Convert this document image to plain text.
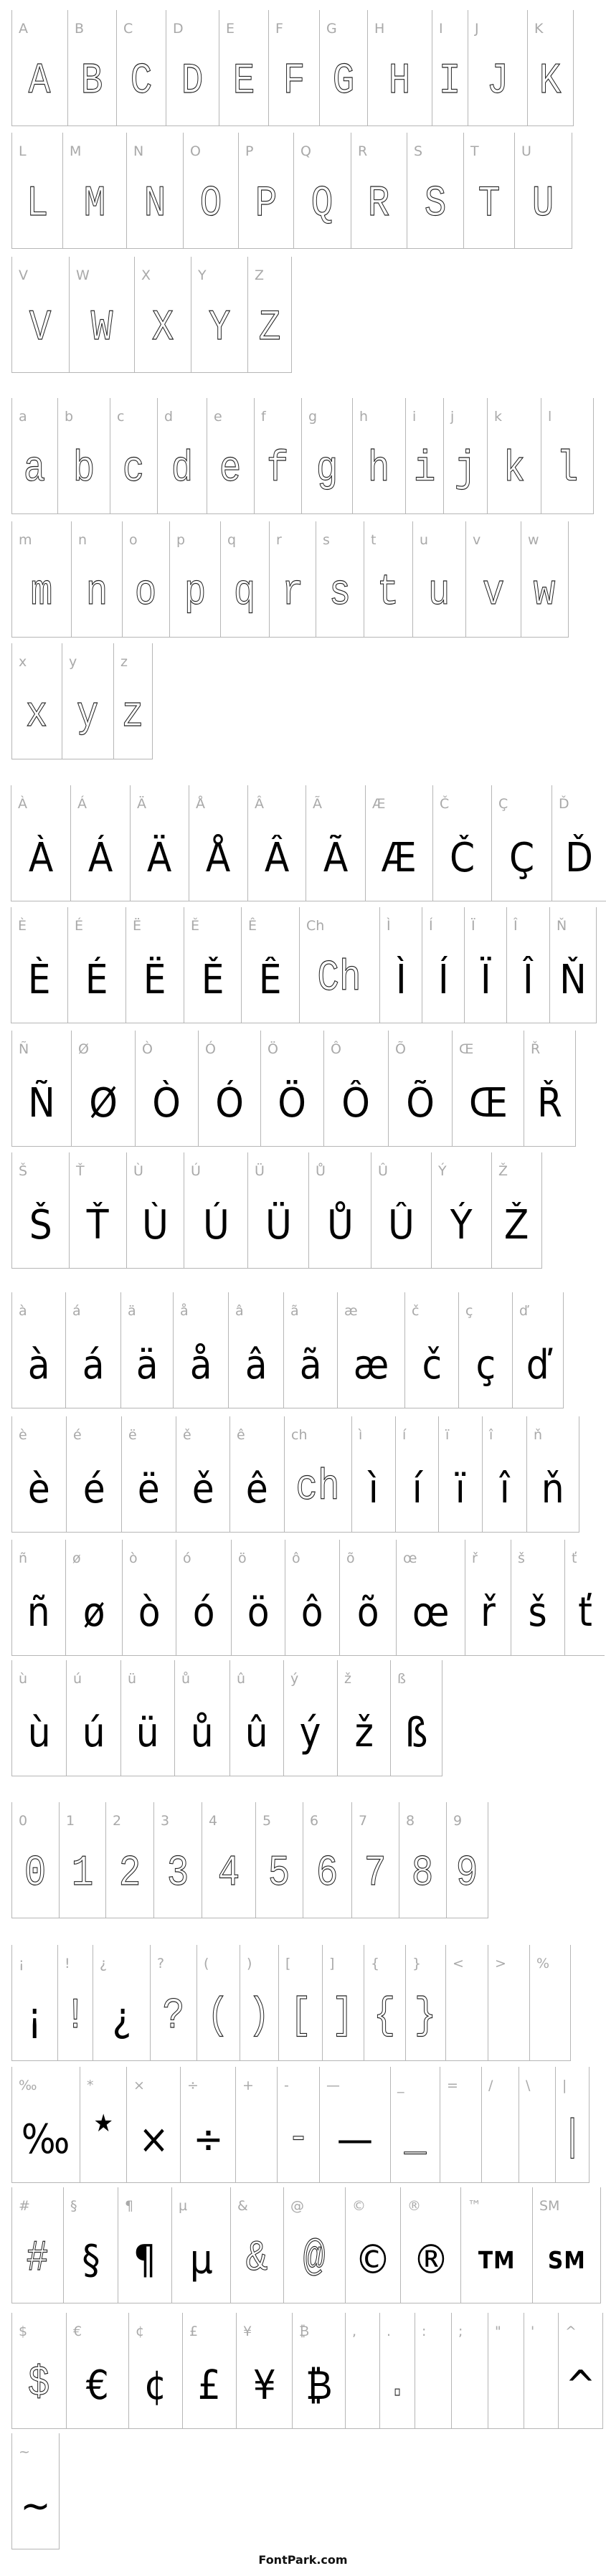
A
A
B
B
C
C
D
D
E
E
F
F
G
G
H
H
I
I
J
J
K
K
L
L
M
M
N
N
O
O
P
P
Q
Q
R
R
S
S
T
T
U
U
V
V
W
W
X
X
Y
Y
Z
Z
a
a
b
b
c
c
d
d
e
e
f
f
g
g
h
h
i
i
j
j
k
k
l
l
m
m
n
n
o
o
p
p
q
q
r
r
s
s
t
t
u
u
v
v
w
w
x
x
y
y
z
z
À
À
Á
Á
Ä
Ä
Å
Å
Â
Â
Ã
Ã
Æ
Æ
Č
Č
Ç
Ç
Ď
Ď
È
È
É
É
Ë
Ë
Ě
Ě
Ê
Ê
Ch
Ch
Ì
Ì
Í
Í
Ï
Ï
Î
Î
Ň
Ň
Ñ
Ñ
Ø
Ø
Ò
Ò
Ó
Ó
Ö
Ö
Ô
Ô
Õ
Õ
Œ
Œ
Ř
Ř
Š
Š
Ť
Ť
Ù
Ù
Ú
Ú
Ü
Ü
Ů
Ů
Û
Û
Ý
Ý
Ž
Ž
à
à
á
á
ä
ä
å
å
â
â
ã
ã
æ
æ
č
č
ç
ç
ď
ď
è
è
é
é
ë
ë
ě
ě
ê
ê
ch
ch
ì
ì
í
í
ï
ï
î
î
ň
ň
ñ
ñ
ø
ø
ò
ò
ó
ó
ö
ö
ô
ô
õ
õ
œ
œ
ř
ř
š
š
ť
ť
ù
ù
ú
ú
ü
ü
ů
ů
û
û
ý
ý
ž
ž
ß
ß
0
0
1
1
2
2
3
3
4
4
5
5
6
6
7
7
8
8
9
9
¡
¡
!
!
¿
¿
?
?
(
(
)
)
[
[
]
]
{
{
}
}
< > %
‰
‰
*
★
×
×
÷
÷
+ -
-
—
—
_
_
= / \ |
|
#
#
§
§
¶
¶
µ
µ
&
&
@
@
©
©
®
®
™
TM
SM
SM
$
$
€
€
¢
¢
£
£
¥
¥
₿
₿
, .
.
: ; " ' ^
^
~
~
FontPark.com
